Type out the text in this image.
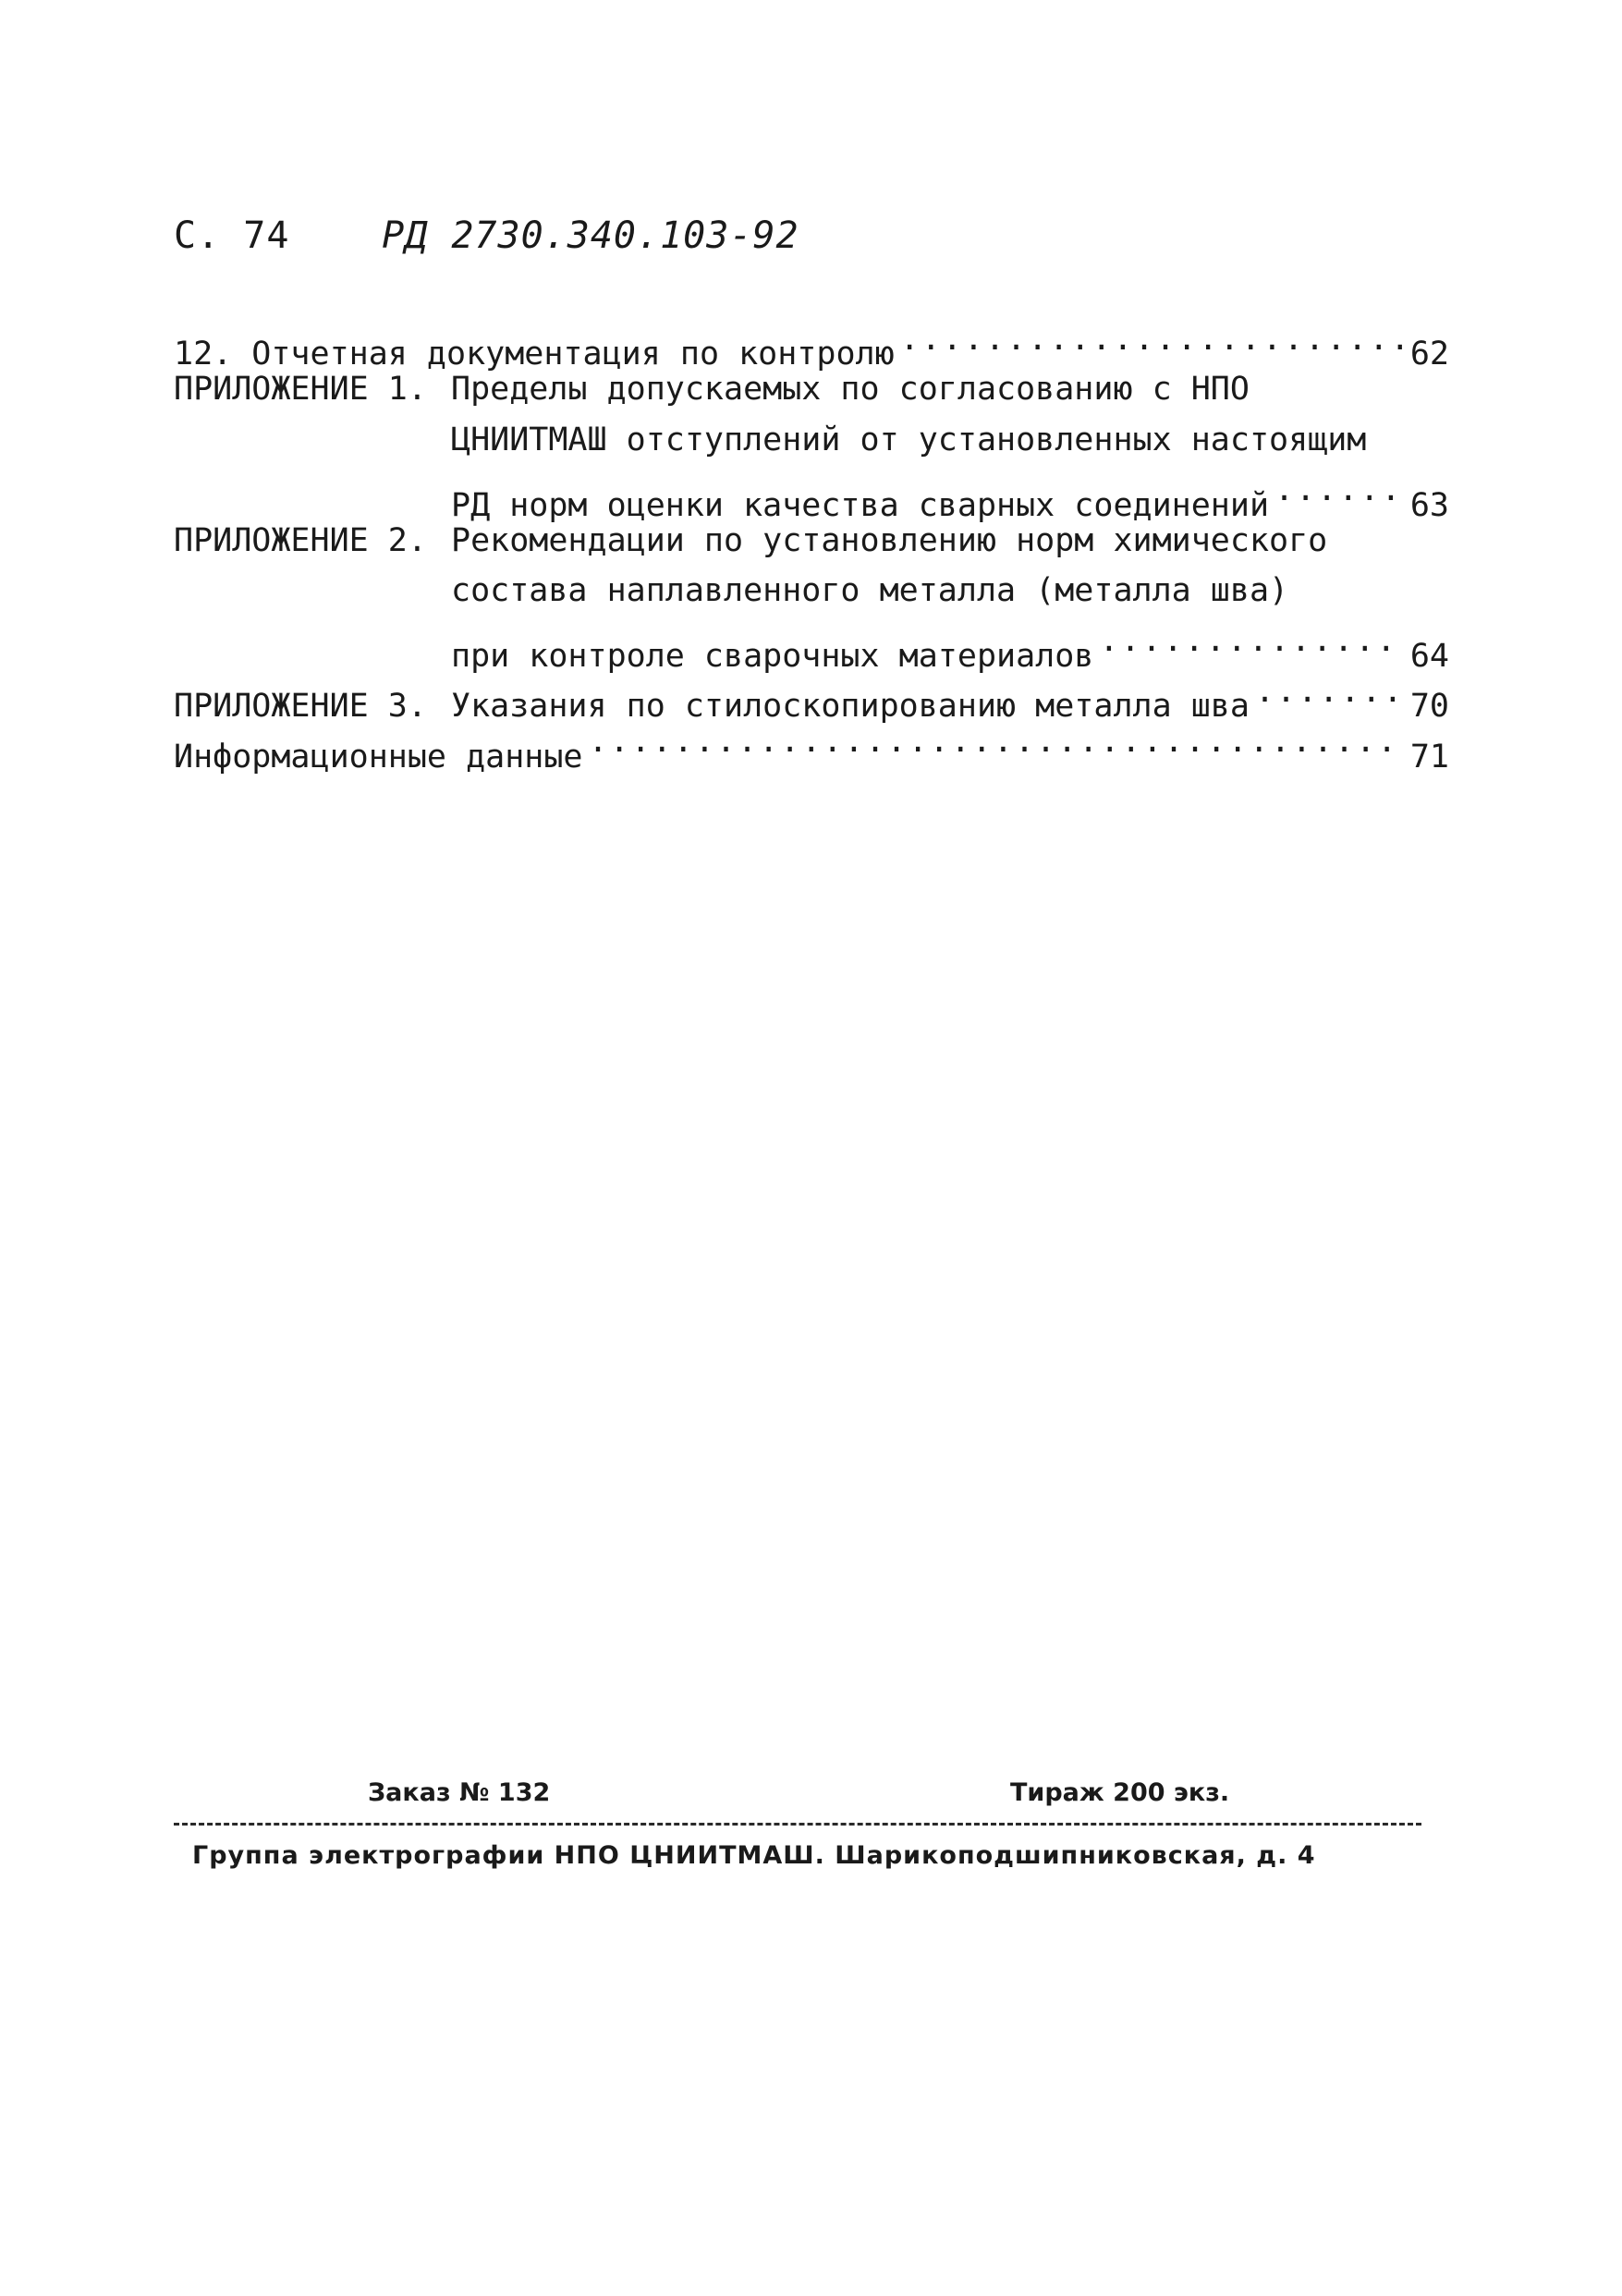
С. 74 РД 2730.340.103-92
12. Отчетная документация по контролю .....	62
ПРИЛОЖЕНИЕ 1. Пределы допускаемых по согласованию с НПО
ЦНИИТМАШ отступлений от установленных настоящим
РД норм оценки качества сварных соединений .....	63
ПРИЛОЖЕНИЕ 2. Рекомендации по установлению норм химического
состава наплавленного металла (металла шва)
при контроле сварочных материалов .....	64
ПРИЛОЖЕНИЕ 3. Указания по стилоскопированию металла шва .....	70
Информационные данные .....	71
Заказ № 132	Тираж 200 экз.
Группа электрографии НПО ЦНИИТМАШ. Шарикоподшипниковская, д. 4
